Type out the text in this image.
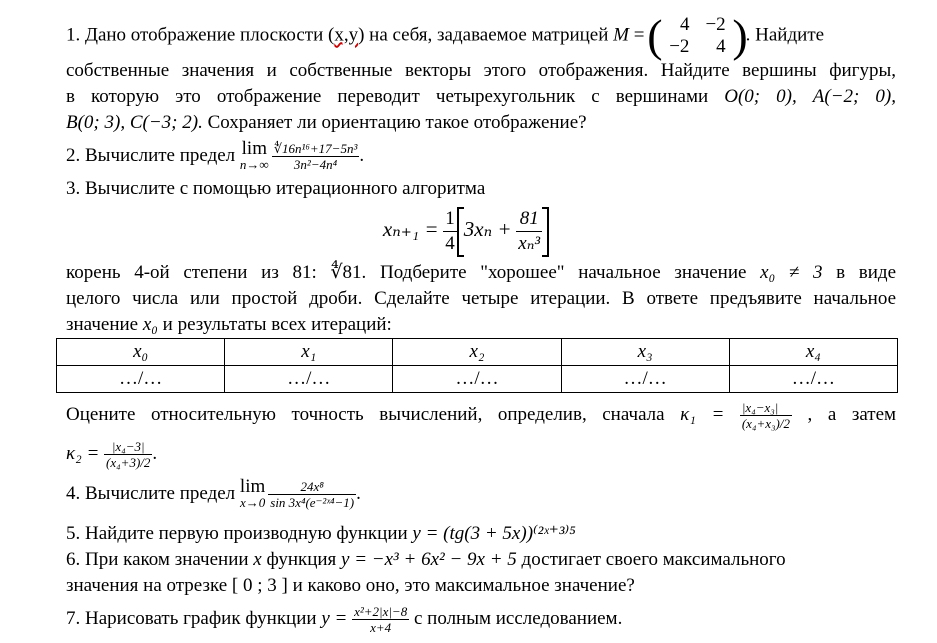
1. Дано отображение плоскости (x,y) на себя, задаваемое матрицей M = ( 4	−2
−2	4 )
. Найдите
собственные значения и собственные векторы этого отображения. Найдите вершины фигуры,
в которую это отображение переводит четырехугольник с вершинами O(0; 0), A(−2; 0),
B(0; 3), C(−3; 2). Сохраняет ли ориентацию такое отображение?
2. Вычислите предел lim
$n\to\infty \frac{\text{∜16n¹⁶+17−5n³}}{\text{3n²−4n⁴}}$ .
3. Вычислите с помощью итерационного алгоритма
$x_{n+1} = \frac{1}{4} 3x_n + \frac{81}{\text{xₙ³}}$
корень 4-ой степени из 81: ∜81. Подберите "хорошее" начальное значение x₀ ≠ 3 в виде
целого числа или простой дроби. Сделайте четыре итерации. В ответе предъявите начальное
значение x₀ и результаты всех итераций:
x₀	x₁	x₂	x₃	x₄
…/…	…/…	…/…	…/…	…/…
Оцените относительную точность вычислений, определив, сначала $\kappa_1 = \frac{\text{|x₄−x₃|}}{\text{(x₄+x₃)/2}}$ , а затем
$\kappa_2 = \frac{\text{|x₄−3|}}{\text{(x₄+3)/2}}$ .
4. Вычислите предел lim
$x\to 0 \frac{\text{24x⁸}}{\text{sin 3x⁴(e⁻²ˣ⁴−1)}}$ .
5. Найдите первую производную функции y = (tg(3 + 5x))⁽²ˣ⁺³⁾⁵
6. При каком значении x функция y = −x³ + 6x² − 9x + 5 достигает своего максимального
значения на отрезке [ 0 ; 3 ] и каково оно, это максимальное значение?
7. Нарисовать график функции $y = \frac{\text{x²+2|x|−8}}{x+4}$ с полным исследованием.
